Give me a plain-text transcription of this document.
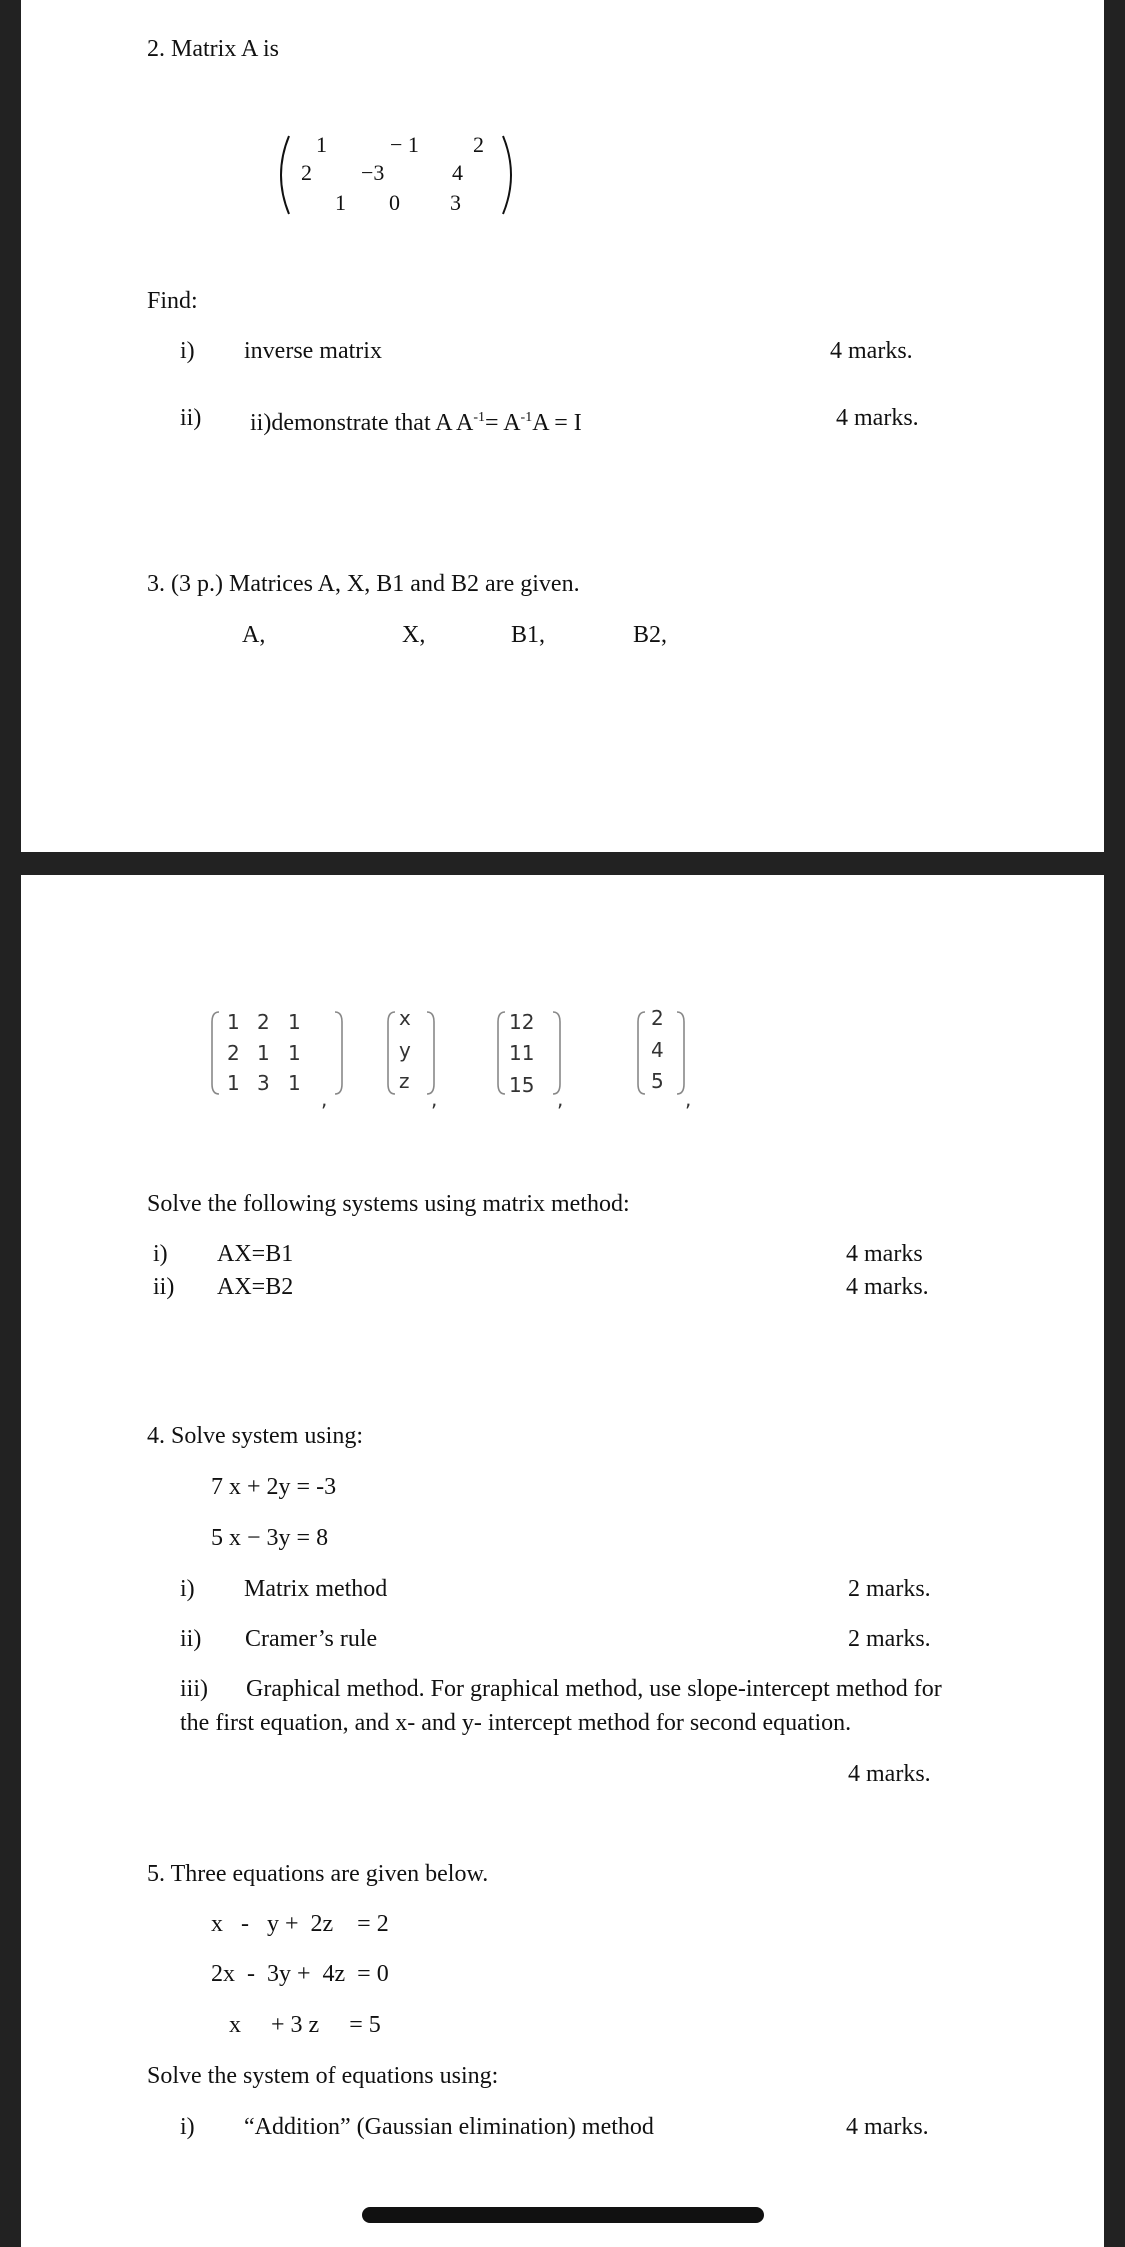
2. Matrix A is
1	− 1 2
2 −3	4
1 0 3
Find:
i) inverse matrix	4 marks.
ii) ii)demonstrate that A $A^{-1}= A^{-1}A = I$	4 marks.
3. (3 p.) Matrices A, X, B1 and B2 are given.
A,	X,	B1,	B2,
1 2 1
2 1 1
1 3 1
,
x
y
z
,
12
11
15
,
2
4
5
,
Solve the following systems using matrix method:
i) AX=B1	4 marks
ii) AX=B2	4 marks.
4. Solve system using:
7 x + 2y = -3
5 x − 3y = 8
i) Matrix method	2 marks.
ii) Cramer’s rule	2 marks.
iii) Graphical method. For graphical method, use slope-intercept method for
the first equation, and x- and y- intercept method for second equation.
4 marks.
5. Three equations are given below.
x   -   y +  2z    = 2
2x  -  3y +  4z  = 0
x     + 3 z     = 5
Solve the system of equations using:
i) “Addition” (Gaussian elimination) method	4 marks.
